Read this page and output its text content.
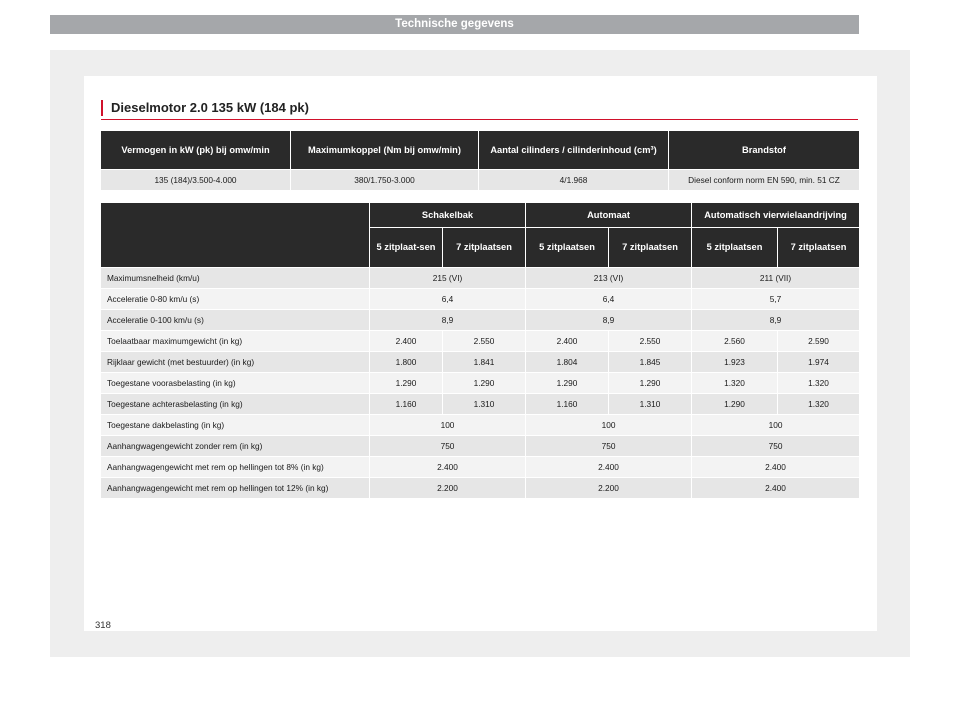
Technische gegevens
Dieselmotor 2.0 135 kW (184 pk)
Vermogen in kW (pk) bij omw/min	Maximumkoppel (Nm bij omw/min)	Aantal cilinders / cilinderinhoud (cm³)	Brandstof
135 (184)/3.500-4.000	380/1.750-3.000	4/1.968	Diesel conform norm EN 590, min. 51 CZ
	Schakelbak		Automaat		Automatisch vierwielaandrijving	
	5 zitplaat-sen	7 zitplaatsen	5 zitplaatsen	7 zitplaatsen	5 zitplaatsen	7 zitplaatsen
Maximumsnelheid (km/u)	215 (VI)		213 (VI)		211 (VII)	
Acceleratie 0-80 km/u (s)	6,4		6,4		5,7	
Acceleratie 0-100 km/u (s)	8,9		8,9		8,9	
Toelaatbaar maximumgewicht (in kg)	2.400	2.550	2.400	2.550	2.560	2.590
Rijklaar gewicht (met bestuurder) (in kg)	1.800	1.841	1.804	1.845	1.923	1.974
Toegestane voorasbelasting (in kg)	1.290	1.290	1.290	1.290	1.320	1.320
Toegestane achterasbelasting (in kg)	1.160	1.310	1.160	1.310	1.290	1.320
Toegestane dakbelasting (in kg)	100		100		100	
Aanhangwagengewicht zonder rem (in kg)	750		750		750	
Aanhangwagengewicht met rem op hellingen tot 8% (in kg)	2.400		2.400		2.400	
Aanhangwagengewicht met rem op hellingen tot 12% (in kg)	2.200		2.200		2.400	
318
